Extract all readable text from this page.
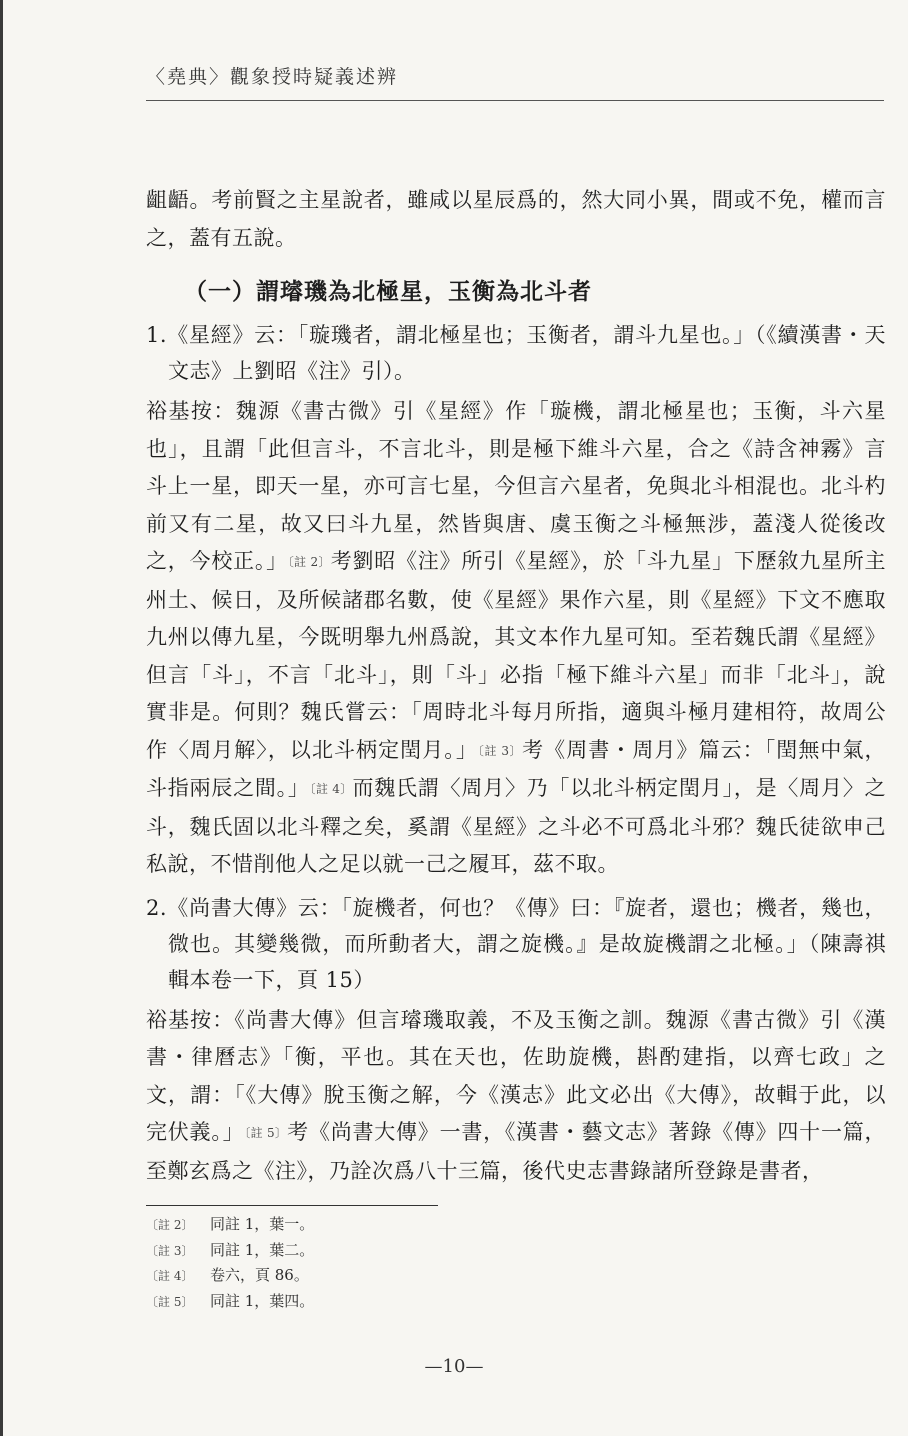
〈堯典〉觀象授時疑義述辨

齟齬。考前賢之主星說者，雖咸以星辰爲的，然大同小異，間或不免，權而言之，蓋有五說。

（一）謂璿璣為北極星，玉衡為北斗者

1.《星經》云：「璇璣者，謂北極星也；玉衡者，謂斗九星也。」（《續漢書・天文志》上劉昭《注》引）。

裕基按：魏源《書古微》引《星經》作「璇機，謂北極星也；玉衡，斗六星也」，且謂「此但言斗，不言北斗，則是極下維斗六星，合之《詩含神霧》言斗上一星，即天一星，亦可言七星，今但言六星者，免與北斗相混也。北斗杓前又有二星，故又曰斗九星，然皆與唐、虞玉衡之斗極無涉，蓋淺人從後改之，今校正。」〔註 2〕考劉昭《注》所引《星經》，於「斗九星」下歷敘九星所主州土、候日，及所候諸郡名數，使《星經》果作六星，則《星經》下文不應取九州以傳九星，今既明舉九州爲說，其文本作九星可知。至若魏氏謂《星經》但言「斗」，不言「北斗」，則「斗」必指「極下維斗六星」而非「北斗」，說實非是。何則？魏氏嘗云：「周時北斗每月所指，適與斗極月建相符，故周公作〈周月解〉，以北斗柄定閏月。」〔註 3〕考《周書・周月》篇云：「閏無中氣，斗指兩辰之間。」〔註 4〕而魏氏謂〈周月〉乃「以北斗柄定閏月」，是〈周月〉之斗，魏氏固以北斗釋之矣，奚謂《星經》之斗必不可爲北斗邪？魏氏徒欲申己私說，不惜削他人之足以就一己之履耳，茲不取。

2.《尚書大傳》云：「旋機者，何也？《傳》曰：『旋者，還也；機者，幾也，微也。其變幾微，而所動者大，謂之旋機。』是故旋機謂之北極。」（陳壽祺輯本卷一下，頁 15）

裕基按：《尚書大傳》但言璿璣取義，不及玉衡之訓。魏源《書古微》引《漢書・律曆志》「衡，平也。其在天也，佐助旋機，斟酌建指，以齊七政」之文，謂：「《大傳》脫玉衡之解，今《漢志》此文必出《大傳》，故輯于此，以完伏義。」〔註 5〕考《尚書大傳》一書，《漢書・藝文志》著錄《傳》四十一篇，至鄭玄爲之《注》，乃詮次爲八十三篇，後代史志書錄諸所登錄是書者，

〔註 2〕 同註 1，葉一。
〔註 3〕 同註 1，葉二。
〔註 4〕 卷六，頁 86。
〔註 5〕 同註 1，葉四。
—10—
